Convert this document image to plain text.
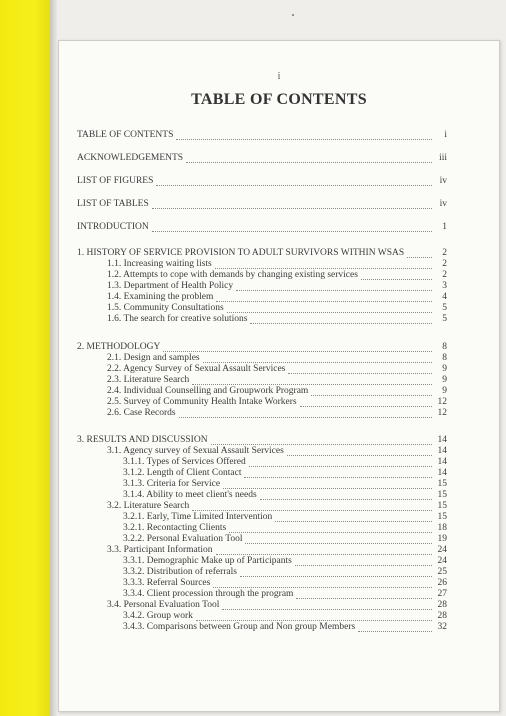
i
TABLE OF CONTENTS
TABLE OF CONTENTS	i
ACKNOWLEDGEMENTS	iii
LIST OF FIGURES	iv
LIST OF TABLES	iv
INTRODUCTION	1
1. HISTORY OF SERVICE PROVISION TO ADULT SURVIVORS WITHIN WSAS	2
1.1. Increasing waiting lists	2
1.2. Attempts to cope with demands by changing existing services	2
1.3. Department of Health Policy	3
1.4. Examining the problem	4
1.5. Community Consultations	5
1.6. The search for creative solutions	5
2. METHODOLOGY	8
2.1. Design and samples	8
2.2. Agency Survey of Sexual Assault Services	9
2.3. Literature Search	9
2.4. Individual Counselling and Groupwork Program	9
2.5. Survey of Community Health Intake Workers	12
2.6. Case Records	12
3. RESULTS AND DISCUSSION	14
3.1. Agency survey of Sexual Assault Services	14
3.1.1. Types of Services Offered	14
3.1.2. Length of Client Contact	14
3.1.3. Criteria for Service	15
3.1.4. Ability to meet client's needs	15
3.2. Literature Search	15
3.2.1. Early, Time Limited Intervention	15
3.2.1. Recontacting Clients	18
3.2.2. Personal Evaluation Tool	19
3.3. Participant Information	24
3.3.1. Demographic Make up of Participants	24
3.3.2. Distribution of referrals	25
3.3.3. Referral Sources	26
3.3.4. Client procession through the program	27
3.4. Personal Evaluation Tool	28
3.4.2. Group work	28
3.4.3. Comparisons between Group and Non group Members	32
